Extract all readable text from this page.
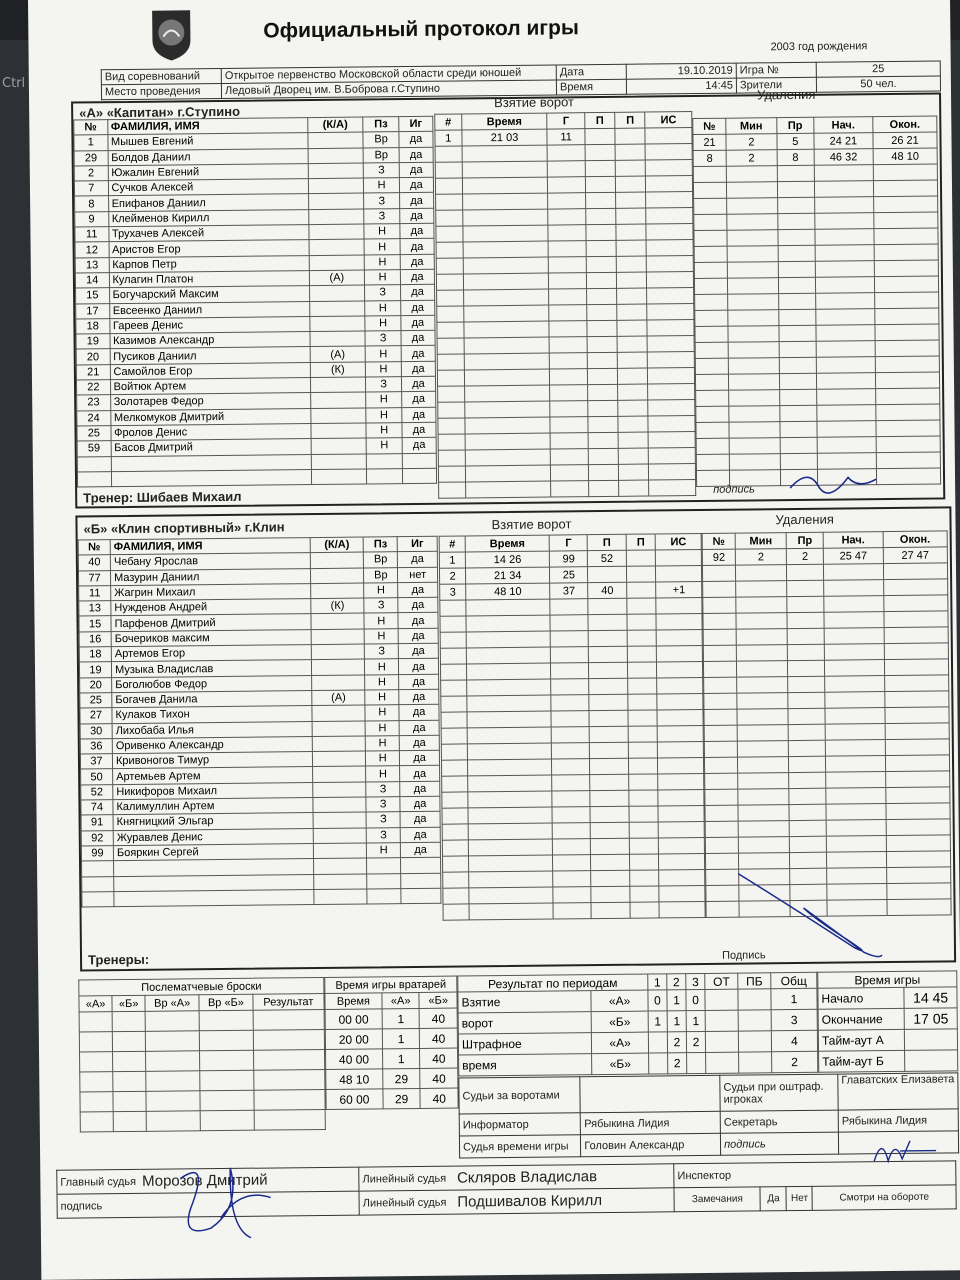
Ctrl
Официальный протокол игры
2003 год рождения
Вид соревнований	Открытое первенство Московской области среди юношей	Дата	19.10.2019	Игра №	25
Место проведения	Ледовый Дворец им. В.Боброва г.Ступино	Время	14:45	Зрители	50 чел.
«А» «Капитан» г.Ступино
Взятие ворот	Удаления
№	ФАМИЛИЯ, ИМЯ	(К/А)	Пз	Иг
1	Мышев Евгений		Вр	да
29	Болдов Даниил		Вр	да
2	Южалин Евгений		З	да
7	Сучков Алексей		Н	да
8	Епифанов Даниил		З	да
9	Клейменов Кирилл		З	да
11	Трухачев Алексей		Н	да
12	Аристов Егор		Н	да
13	Карпов Петр		Н	да
14	Кулагин Платон	(А)	Н	да
15	Богучарский Максим		З	да
17	Евсеенко Даниил		Н	да
18	Гареев Денис		Н	да
19	Казимов Александр		З	да
20	Пусиков Даниил	(А)	Н	да
21	Самойлов Егор	(К)	Н	да
22	Войтюк Артем		З	да
23	Золотарев Федор		Н	да
24	Мелкомуков Дмитрий		Н	да
25	Фролов Денис		Н	да
59	Басов Дмитрий		Н	да

#	Время	Г	П	П	ИС
1	21 03	11			

№	Мин	Пр	Нач.	Окон.
21	2	5	24 21	26 21
8	2	8	46 32	48 10

Тренер: Шибаев Михаил	подпись
«Б» «Клин спортивный» г.Клин	Взятие ворот	Удаления
№	ФАМИЛИЯ, ИМЯ	(К/А)	Пз	Иг
40	Чебану Ярослав		Вр	да
77	Мазурин Даниил		Вр	нет
11	Жагрин Михаил		Н	да
13	Нужденов Андрей	(К)	З	да
15	Парфенов Дмитрий		Н	да
16	Бочериков максим		Н	да
18	Артемов Егор		З	да
19	Музыка Владислав		Н	да
20	Боголюбов Федор		Н	да
25	Богачев Данила	(А)	Н	да
27	Кулаков Тихон		Н	да
30	Лихобаба Илья		Н	да
36	Оривенко Александр		Н	да
37	Кривоногов Тимур		Н	да
50	Артемьев Артем		Н	да
52	Никифоров Михаил		З	да
74	Калимуллин Артем		З	да
91	Княгницкий Эльгар		З	да
92	Журавлев Денис		З	да
99	Бояркин Сергей		Н	да

#	Время	Г	П	П	ИС
1	14 26	99	52		
2	21 34	25			
3	48 10	37	40		+1

№	Мин	Пр	Нач.	Окон.
92	2	2	25 47	27 47

Тренеры:	Подпись
Послематчевые броски				
«А»	«Б»	Вр «А»	Вр «Б»	Результат

Время игры вратарей		
Время	«А»	«Б»
00 00	1	40
20 00	1	40
40 00	1	40
48 10	29	40
60 00	29	40
Результат по периодам		1	2	3	ОТ	ПБ	Общ
Взятие	«А»	0	1	0			1
ворот	«Б»	1	1	1			3
Штрафное	«А»		2	2			4
время	«Б»		2				2
Время игры	
Начало	14 45
Окончание	17 05
Тайм-аут А	
Тайм-аут Б	
Судьи за воротами		Судьи при оштраф. игроках	Главатских Елизавета
Информатор	Рябыкина Лидия	Секретарь	Рябыкина Лидия
Судья времени игры	Головин Александр	подпись	
Главный судья	Морозов Дмитрий	Линейный судья	Скляров Владислав	Инспектор			
подпись		Линейный судья	Подшивалов Кирилл	Замечания	Да	Нет	Смотри на обороте
